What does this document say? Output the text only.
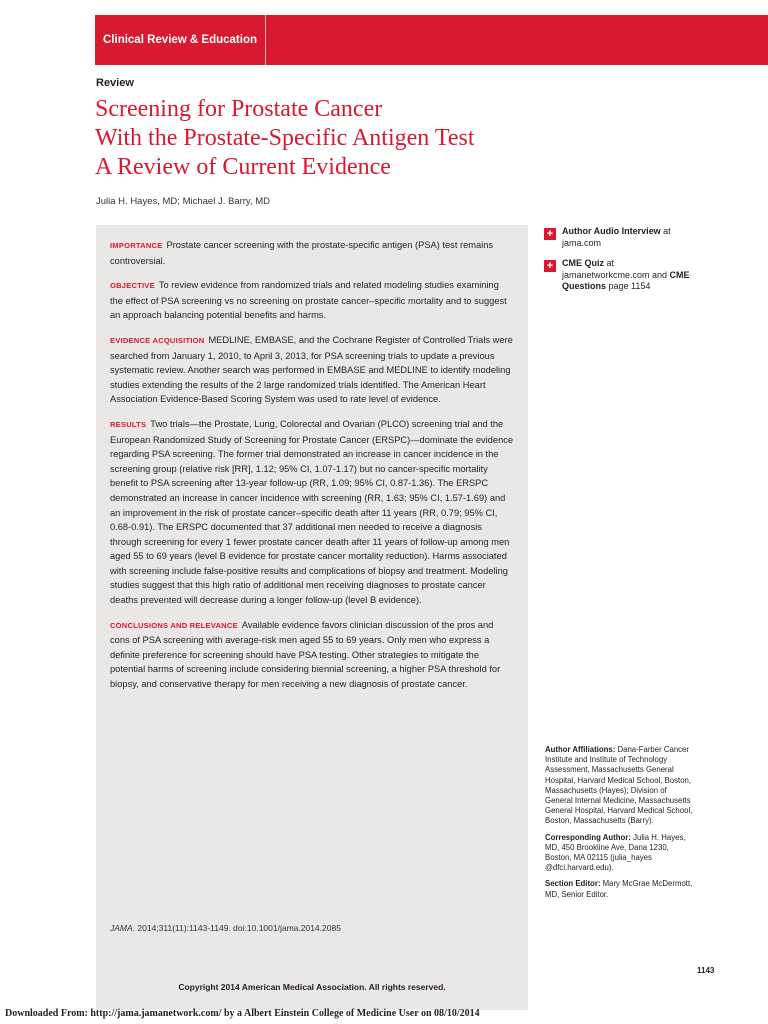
Clinical Review & Education
Review
Screening for Prostate Cancer
With the Prostate-Specific Antigen Test
A Review of Current Evidence
Julia H. Hayes, MD; Michael J. Barry, MD

IMPORTANCE Prostate cancer screening with the prostate-specific antigen (PSA) test remains controversial.

OBJECTIVE To review evidence from randomized trials and related modeling studies examining the effect of PSA screening vs no screening on prostate cancer–specific mortality and to suggest an approach balancing potential benefits and harms.

EVIDENCE ACQUISITION MEDLINE, EMBASE, and the Cochrane Register of Controlled Trials were searched from January 1, 2010, to April 3, 2013, for PSA screening trials to update a previous systematic review. Another search was performed in EMBASE and MEDLINE to identify modeling studies extending the results of the 2 large randomized trials identified. The American Heart Association Evidence-Based Scoring System was used to rate level of evidence.

RESULTS Two trials—the Prostate, Lung, Colorectal and Ovarian (PLCO) screening trial and the European Randomized Study of Screening for Prostate Cancer (ERSPC)—dominate the evidence regarding PSA screening. The former trial demonstrated an increase in cancer incidence in the screening group (relative risk [RR], 1.12; 95% CI, 1.07-1.17) but no cancer-specific mortality benefit to PSA screening after 13-year follow-up (RR, 1.09; 95% CI, 0.87-1.36). The ERSPC demonstrated an increase in cancer incidence with screening (RR, 1.63; 95% CI, 1.57-1.69) and an improvement in the risk of prostate cancer–specific death after 11 years (RR, 0.79; 95% CI, 0.68-0.91). The ERSPC documented that 37 additional men needed to receive a diagnosis through screening for every 1 fewer prostate cancer death after 11 years of follow-up among men aged 55 to 69 years (level B evidence for prostate cancer mortality reduction). Harms associated with screening include false-positive results and complications of biopsy and treatment. Modeling studies suggest that this high ratio of additional men receiving diagnoses to prostate cancer deaths prevented will decrease during a longer follow-up (level B evidence).

CONCLUSIONS AND RELEVANCE Available evidence favors clinician discussion of the pros and cons of PSA screening with average-risk men aged 55 to 69 years. Only men who express a definite preference for screening should have PSA testing. Other strategies to mitigate the potential harms of screening include considering biennial screening, a higher PSA threshold for biopsy, and conservative therapy for men receiving a new diagnosis of prostate cancer.

JAMA. 2014;311(11):1143-1149. doi:10.1001/jama.2014.2085
Copyright 2014 American Medical Association. All rights reserved.
+ Author Audio Interview at jama.com
+ CME Quiz at jamanetworkcme.com and CME Questions page 1154

Author Affiliations: Dana-Farber Cancer Institute and Institute of Technology Assessment, Massachusetts General Hospital, Harvard Medical School, Boston, Massachusetts (Hayes); Division of General Internal Medicine, Massachusetts General Hospital, Harvard Medical School, Boston, Massachusetts (Barry).

Corresponding Author: Julia H. Hayes, MD, 450 Brookline Ave, Dana 1230, Boston, MA 02115 (julia_hayes @dfci.harvard.edu).

Section Editor: Mary McGrae McDermott, MD, Senior Editor.

1143
Downloaded From: http://jama.jamanetwork.com/ by a Albert Einstein College of Medicine User on 08/10/2014
